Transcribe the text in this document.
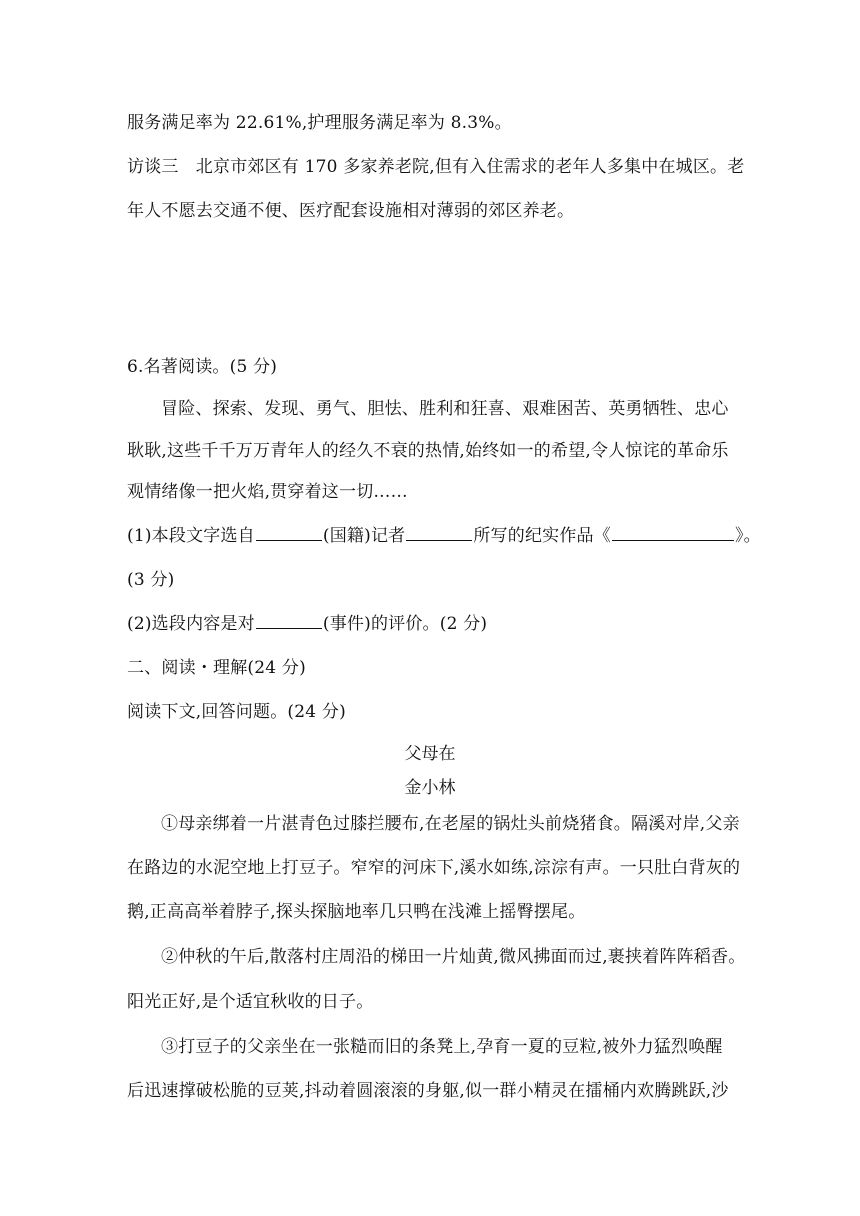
服务满足率为 22.61%,护理服务满足率为 8.3%。
访谈三　北京市郊区有 170 多家养老院,但有入住需求的老年人多集中在城区。老
年人不愿去交通不便、医疗配套设施相对薄弱的郊区养老。
6.名著阅读。(5 分)
冒险、探索、发现、勇气、胆怯、胜利和狂喜、艰难困苦、英勇牺牲、忠心
耿耿,这些千千万万青年人的经久不衰的热情,始终如一的希望,令人惊诧的革命乐
观情绪像一把火焰,贯穿着这一切……
(1)本段文字选自	(国籍)记者	所写的纪实作品《	》。
(3 分)
(2)选段内容是对	(事件)的评价。(2 分)
二、阅读・理解(24 分)
阅读下文,回答问题。(24 分)
父母在
金小林
①母亲绑着一片湛青色过膝拦腰布,在老屋的锅灶头前烧猪食。隔溪对岸,父亲
在路边的水泥空地上打豆子。窄窄的河床下,溪水如练,淙淙有声。一只肚白背灰的
鹅,正高高举着脖子,探头探脑地率几只鸭在浅滩上摇臀摆尾。
②仲秋的午后,散落村庄周沿的梯田一片灿黄,微风拂面而过,裹挟着阵阵稻香。
阳光正好,是个适宜秋收的日子。
③打豆子的父亲坐在一张糙而旧的条凳上,孕育一夏的豆粒,被外力猛烈唤醒
后迅速撑破松脆的豆荚,抖动着圆滚滚的身躯,似一群小精灵在擂桶内欢腾跳跃,沙
